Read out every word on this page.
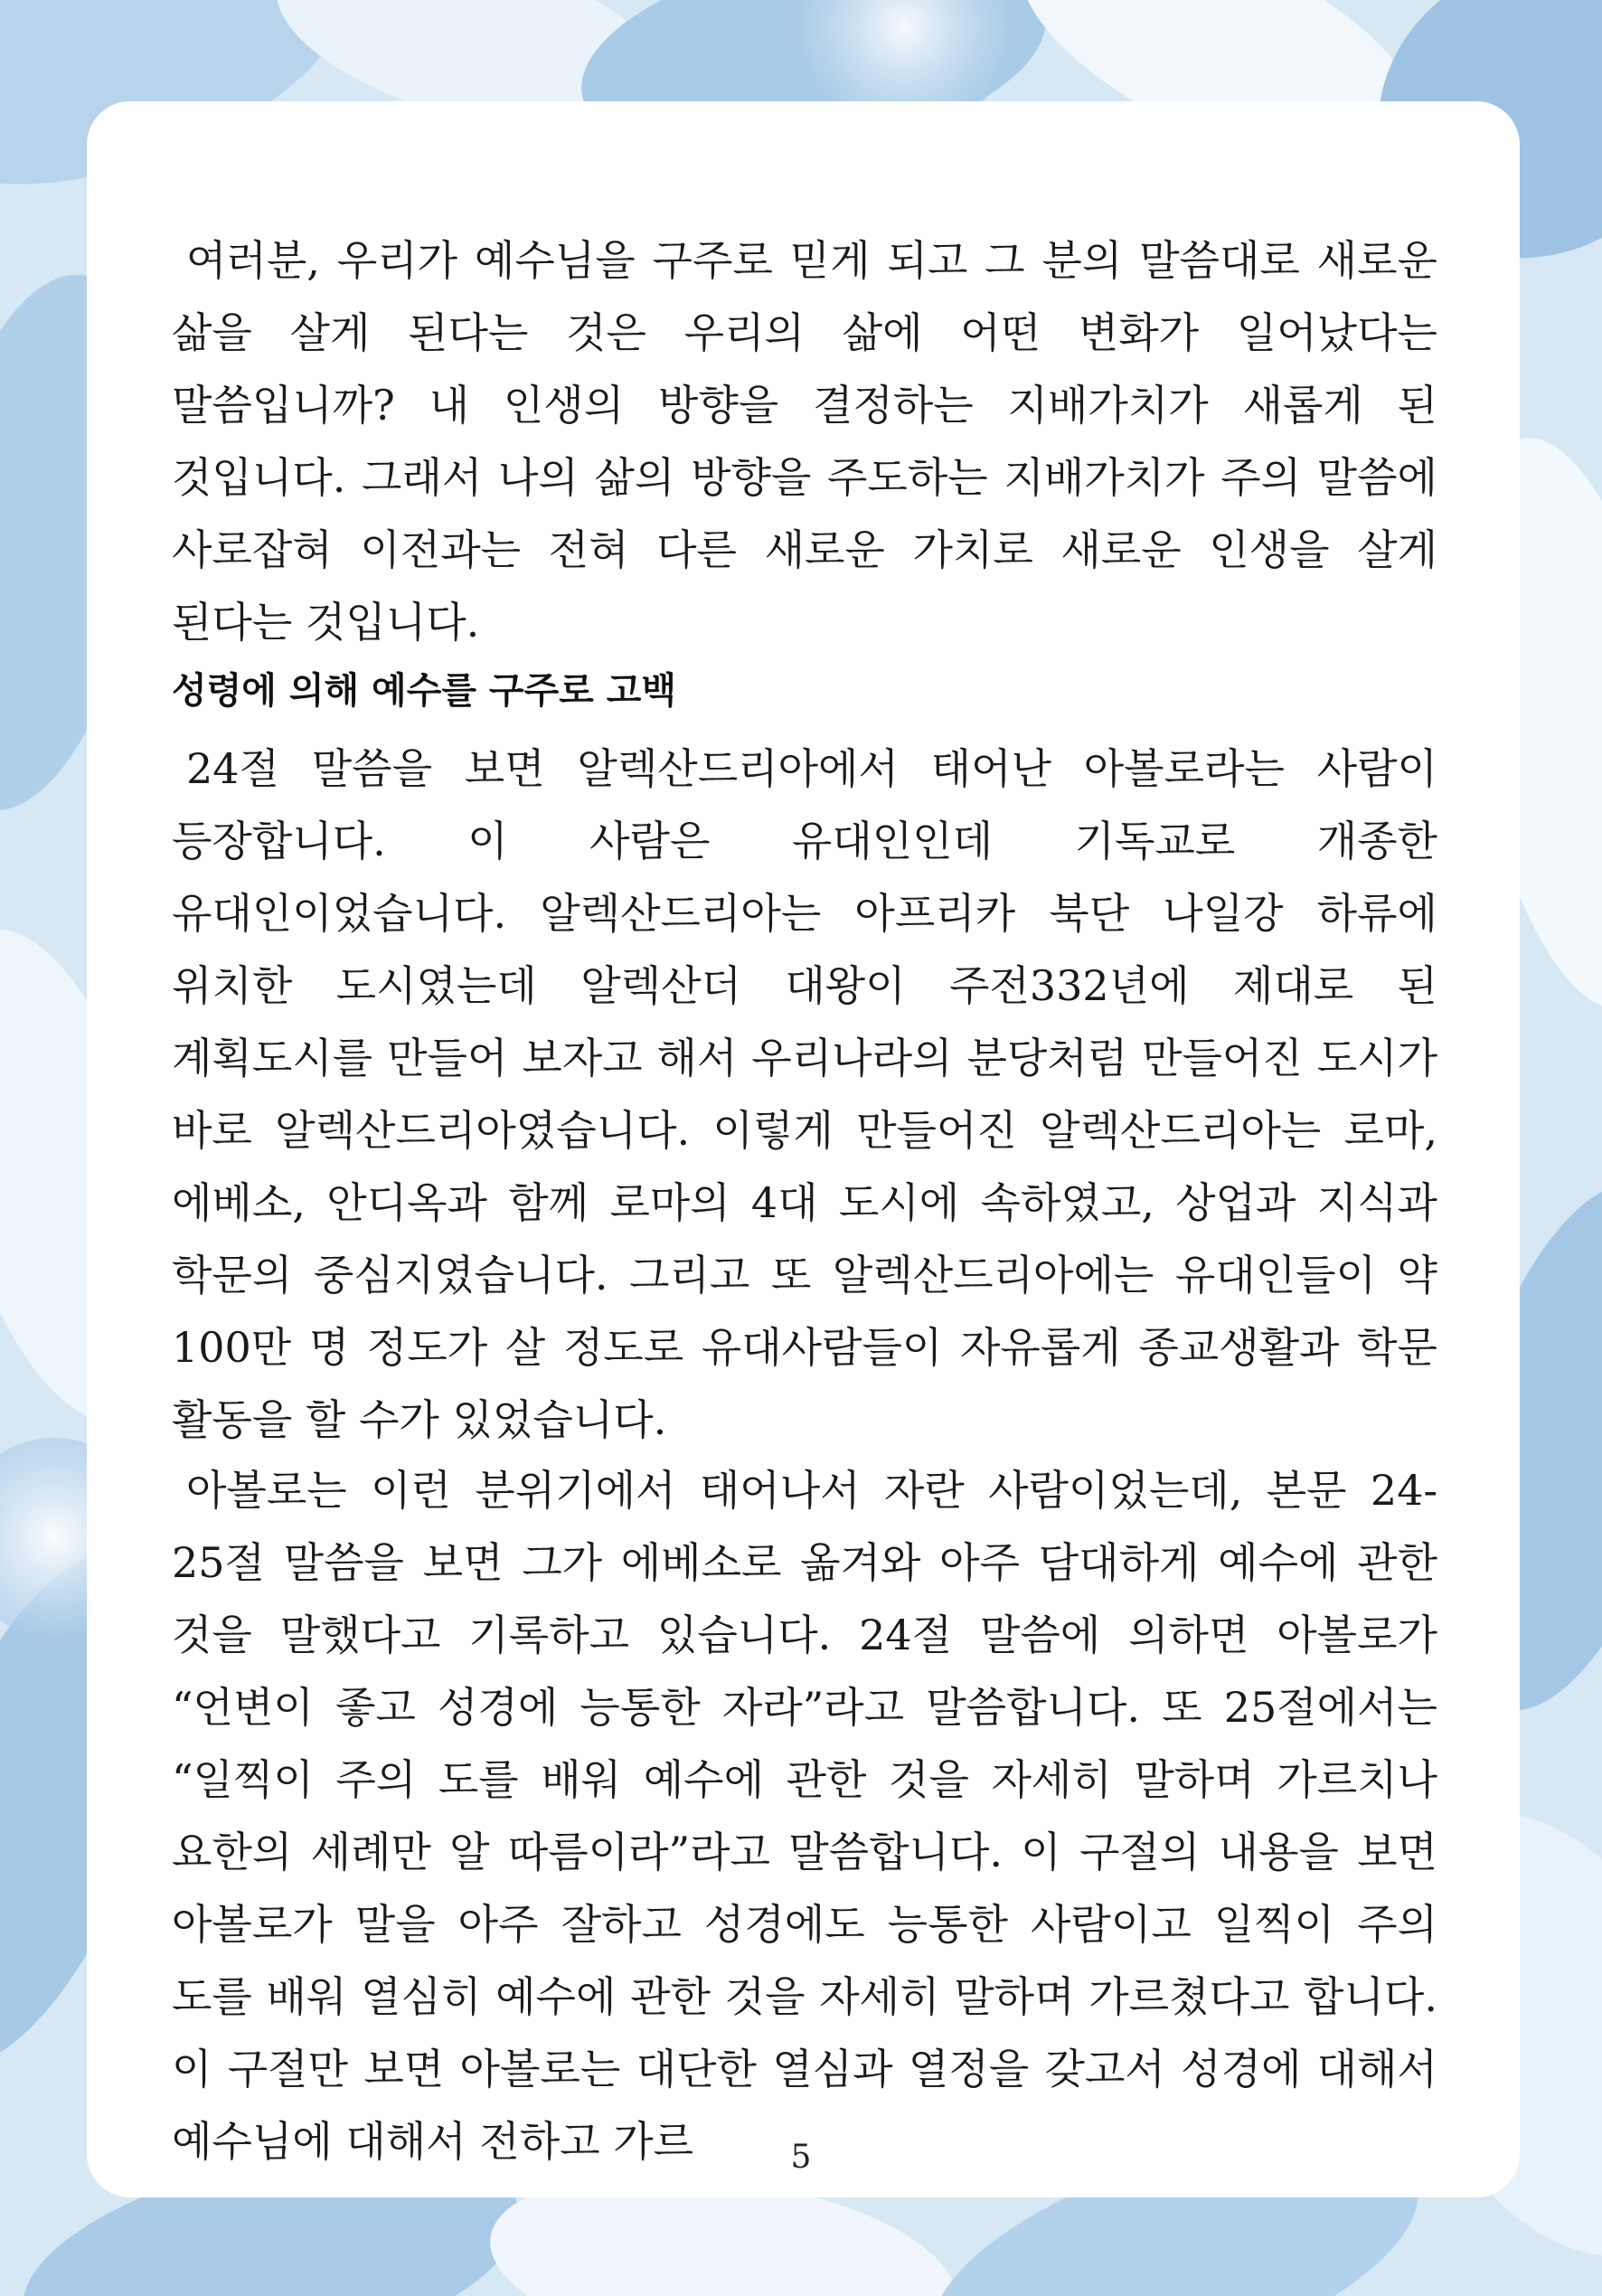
여러분, 우리가 예수님을 구주로 믿게 되고 그 분의 말씀대로 새로운 삶을 살게 된다는 것은 우리의 삶에 어떤 변화가 일어났다는 말씀입니까? 내 인생의 방향을 결정하는 지배가치가 새롭게 된 것입니다. 그래서 나의 삶의 방향을 주도하는 지배가치가 주의 말씀에 사로잡혀 이전과는 전혀 다른 새로운 가치로 새로운 인생을 살게 된다는 것입니다.

성령에 의해 예수를 구주로 고백

24절 말씀을 보면 알렉산드리아에서 태어난 아볼로라는 사람이 등장합니다. 이 사람은 유대인인데 기독교로 개종한 유대인이었습니다. 알렉산드리아는 아프리카 북단 나일강 하류에 위치한 도시였는데 알렉산더 대왕이 주전332년에 제대로 된 계획도시를 만들어 보자고 해서 우리나라의 분당처럼 만들어진 도시가 바로 알렉산드리아였습니다. 이렇게 만들어진 알렉산드리아는 로마, 에베소, 안디옥과 함께 로마의 4대 도시에 속하였고, 상업과 지식과 학문의 중심지였습니다. 그리고 또 알렉산드리아에는 유대인들이 약 100만 명 정도가 살 정도로 유대사람들이 자유롭게 종교생활과 학문 활동을 할 수가 있었습니다.

아볼로는 이런 분위기에서 태어나서 자란 사람이었는데, 본문 24-25절 말씀을 보면 그가 에베소로 옮겨와 아주 담대하게 예수에 관한 것을 말했다고 기록하고 있습니다. 24절 말씀에 의하면 아볼로가 “언변이 좋고 성경에 능통한 자라”라고 말씀합니다. 또 25절에서는 “일찍이 주의 도를 배워 예수에 관한 것을 자세히 말하며 가르치나 요한의 세례만 알 따름이라”라고 말씀합니다. 이 구절의 내용을 보면 아볼로가 말을 아주 잘하고 성경에도 능통한 사람이고 일찍이 주의 도를 배워 열심히 예수에 관한 것을 자세히 말하며 가르쳤다고 합니다. 이 구절만 보면 아볼로는 대단한 열심과 열정을 갖고서 성경에 대해서 예수님에 대해서 전하고 가르	5
